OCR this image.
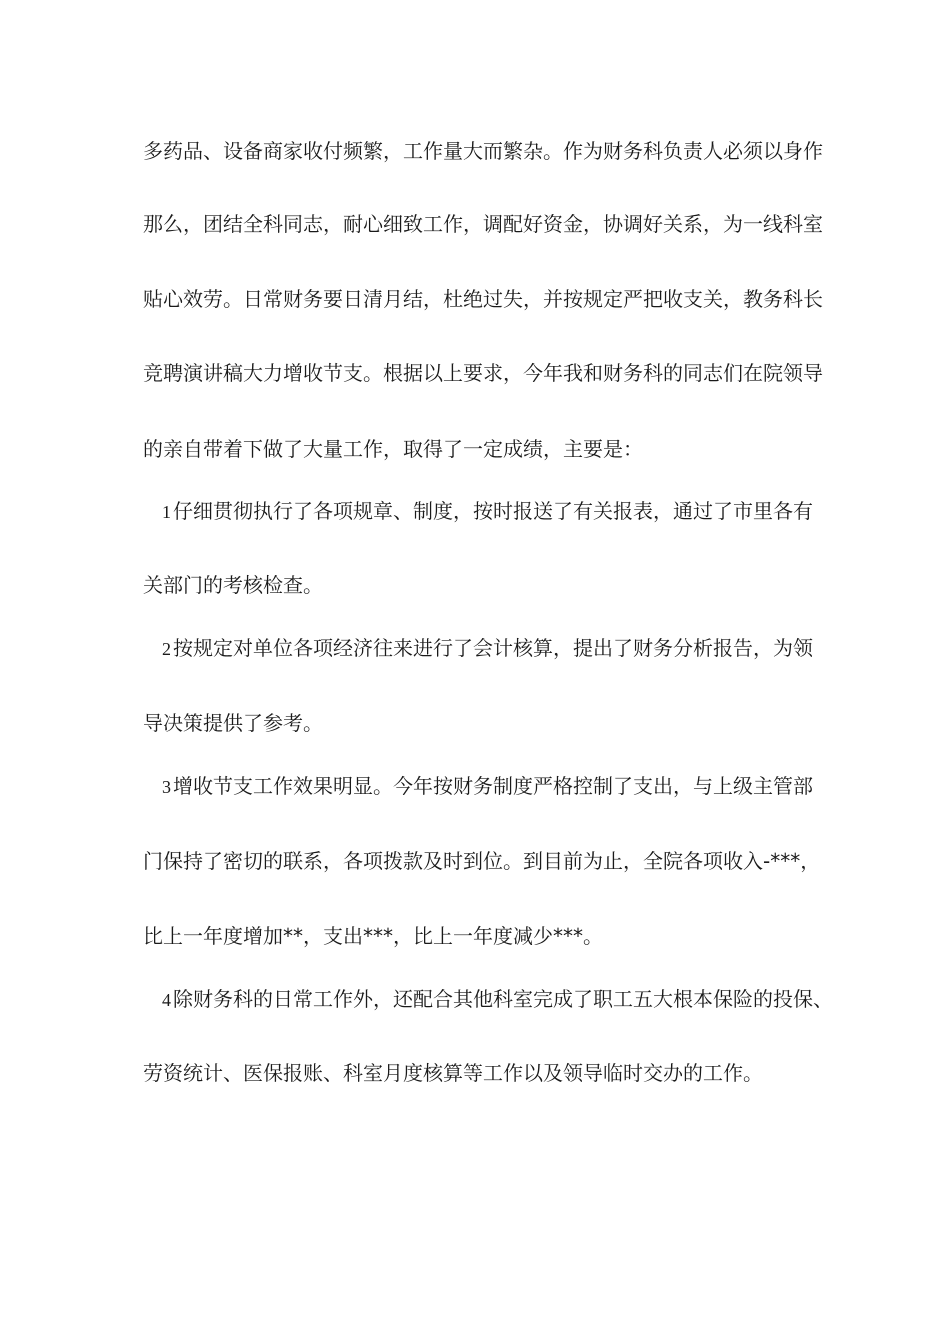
多药品、设备商家收付频繁，工作量大而繁杂。作为财务科负责人必须以身作
那么，团结全科同志，耐心细致工作，调配好资金，协调好关系，为一线科室
贴心效劳。日常财务要日清月结，杜绝过失，并按规定严把收支关，教务科长
竞聘演讲稿大力增收节支。根据以上要求，今年我和财务科的同志们在院领导
的亲自带着下做了大量工作，取得了一定成绩，主要是：
1 仔细贯彻执行了各项规章、制度，按时报送了有关报表，通过了市里各有
关部门的考核检查。
2 按规定对单位各项经济往来进行了会计核算，提出了财务分析报告，为领
导决策提供了参考。
3 增收节支工作效果明显。今年按财务制度严格控制了支出，与上级主管部
门保持了密切的联系，各项拨款及时到位。到目前为止，全院各项收入-***，
比上一年度增加**，支出***，比上一年度减少***。
4 除财务科的日常工作外，还配合其他科室完成了职工五大根本保险的投保、
劳资统计、医保报账、科室月度核算等工作以及领导临时交办的工作。
